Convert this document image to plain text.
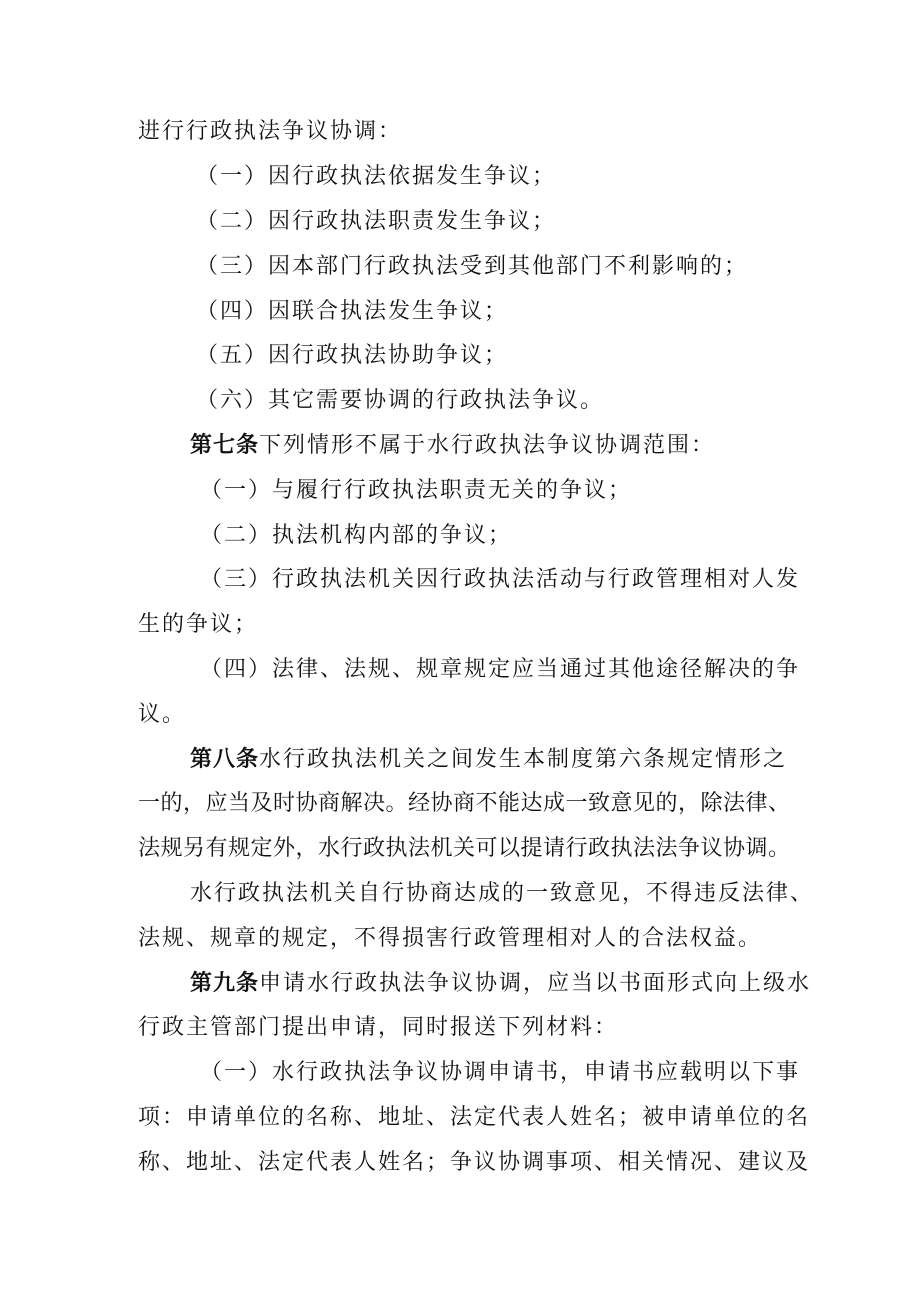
进行行政执法争议协调：

（一）因行政执法依据发生争议；

（二）因行政执法职责发生争议；

（三）因本部门行政执法受到其他部门不利影响的；

（四）因联合执法发生争议；

（五）因行政执法协助争议；

（六）其它需要协调的行政执法争议。

第七条下列情形不属于水行政执法争议协调范围：

（一）与履行行政执法职责无关的争议；

（二）执法机构内部的争议；

（三）行政执法机关因行政执法活动与行政管理相对人发

生的争议；

（四）法律、法规、规章规定应当通过其他途径解决的争

议。

第八条水行政执法机关之间发生本制度第六条规定情形之

一的，应当及时协商解决。经协商不能达成一致意见的，除法律、

法规另有规定外，水行政执法机关可以提请行政执法法争议协调。

水行政执法机关自行协商达成的一致意见，不得违反法律、

法规、规章的规定，不得损害行政管理相对人的合法权益。

第九条申请水行政执法争议协调，应当以书面形式向上级水

行政主管部门提出申请，同时报送下列材料：

（一）水行政执法争议协调申请书，申请书应载明以下事

项：申请单位的名称、地址、法定代表人姓名；被申请单位的名

称、地址、法定代表人姓名；争议协调事项、相关情况、建议及
